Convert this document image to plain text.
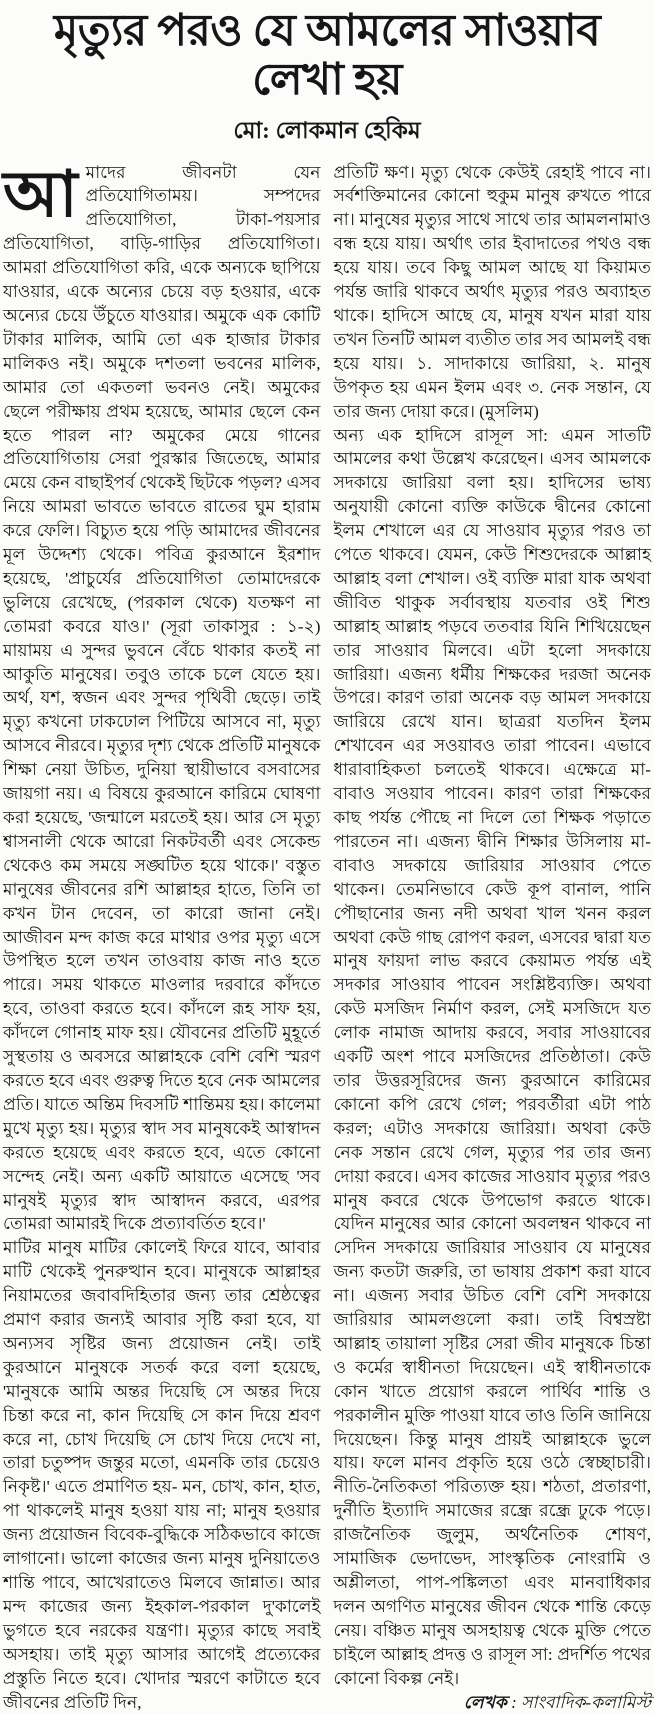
মৃত্যুর পরও যে আমলের সাওয়াব লেখা হয়
মো: লোকমান হেকিম

আমাদের জীবনটা যেন প্রতিযোগিতাময়। সম্পদের প্রতিযোগিতা, টাকা-পয়সার প্রতিযোগিতা, বাড়ি-গাড়ির প্রতিযোগিতা। আমরা প্রতিযোগিতা করি, একে অন্যকে ছাপিয়ে যাওয়ার, একে অন্যের চেয়ে বড় হওয়ার, একে অন্যের চেয়ে উঁচুতে যাওয়ার। অমুকে এক কোটি টাকার মালিক, আমি তো এক হাজার টাকার মালিকও নই। অমুকে দশতলা ভবনের মালিক, আমার তো একতলা ভবনও নেই। অমুকের ছেলে পরীক্ষায় প্রথম হয়েছে, আমার ছেলে কেন হতে পারল না? অমুকের মেয়ে গানের প্রতিযোগিতায় সেরা পুরস্কার জিতেছে, আমার মেয়ে কেন বাছাইপর্ব থেকেই ছিটকে পড়ল? এসব নিয়ে আমরা ভাবতে ভাবতে রাতের ঘুম হারাম করে ফেলি। বিচ্যুত হয়ে পড়ি আমাদের জীবনের মূল উদ্দেশ্য থেকে। পবিত্র কুরআনে ইরশাদ হয়েছে, 'প্রাচুর্যের প্রতিযোগিতা তোমাদেরকে ভুলিয়ে রেখেছে, (পরকাল থেকে) যতক্ষণ না তোমরা কবরে যাও।' (সূরা তাকাসুর : ১-২) মায়াময় এ সুন্দর ভুবনে বেঁচে থাকার কতই না আকুতি মানুষের। তবুও তাকে চলে যেতে হয়। অর্থ, যশ, স্বজন এবং সুন্দর পৃথিবী ছেড়ে। তাই মৃত্যু কখনো ঢাকঢোল পিটিয়ে আসবে না, মৃত্যু আসবে নীরবে। মৃত্যুর দৃশ্য থেকে প্রতিটি মানুষকে শিক্ষা নেয়া উচিত, দুনিয়া স্থায়ীভাবে বসবাসের জায়গা নয়। এ বিষয়ে কুরআনে কারিমে ঘোষণা করা হয়েছে, 'জন্মালে মরতেই হয়। আর সে মৃত্যু শ্বাসনালী থেকে আরো নিকটবর্তী এবং সেকেন্ড থেকেও কম সময়ে সঙ্ঘটিত হয়ে থাকে।' বস্তুত মানুষের জীবনের রশি আল্লাহর হাতে, তিনি তা কখন টান দেবেন, তা কারো জানা নেই। আজীবন মন্দ কাজ করে মাথার ওপর মৃত্যু এসে উপস্থিত হলে তখন তাওবায় কাজ নাও হতে পারে। সময় থাকতে মাওলার দরবারে কাঁদতে হবে, তাওবা করতে হবে। কাঁদলে রূহ সাফ হয়, কাঁদলে গোনাহ মাফ হয়। যৌবনের প্রতিটি মুহূর্তে সুস্থতায় ও অবসরে আল্লাহকে বেশি বেশি স্মরণ করতে হবে এবং গুরুত্ব দিতে হবে নেক আমলের প্রতি। যাতে অন্তিম দিবসটি শান্তিময় হয়। কালেমা মুখে মৃত্যু হয়। মৃত্যুর স্বাদ সব মানুষকেই আস্বাদন করতে হয়েছে এবং করতে হবে, এতে কোনো সন্দেহ নেই। অন্য একটি আয়াতে এসেছে 'সব মানুষই মৃত্যুর স্বাদ আস্বাদন করবে, এরপর তোমরা আমারই দিকে প্রত্যাবর্তিত হবে।'

মাটির মানুষ মাটির কোলেই ফিরে যাবে, আবার মাটি থেকেই পুনরুত্থান হবে। মানুষকে আল্লাহর নিয়ামতের জবাবদিহিতার জন্য তার শ্রেষ্ঠত্বের প্রমাণ করার জন্যই আবার সৃষ্টি করা হবে, যা অন্যসব সৃষ্টির জন্য প্রয়োজন নেই। তাই কুরআনে মানুষকে সতর্ক করে বলা হয়েছে, 'মানুষকে আমি অন্তর দিয়েছি সে অন্তর দিয়ে চিন্তা করে না, কান দিয়েছি সে কান দিয়ে শ্রবণ করে না, চোখ দিয়েছি সে চোখ দিয়ে দেখে না, তারা চতুষ্পদ জন্তুর মতো, এমনকি তার চেয়েও নিকৃষ্ট।' এতে প্রমাণিত হয়- মন, চোখ, কান, হাত, পা থাকলেই মানুষ হওয়া যায় না; মানুষ হওয়ার জন্য প্রয়োজন বিবেক-বুদ্ধিকে সঠিকভাবে কাজে লাগানো। ভালো কাজের জন্য মানুষ দুনিয়াতেও শান্তি পাবে, আখেরাতেও মিলবে জান্নাত। আর মন্দ কাজের জন্য ইহকাল-পরকাল দু'কালেই ভুগতে হবে নরকের যন্ত্রণা। মৃত্যুর কাছে সবাই অসহায়। তাই মৃত্যু আসার আগেই প্রত্যেকের প্রস্তুতি নিতে হবে। খোদার স্মরণে কাটাতে হবে জীবনের প্রতিটি দিন,

প্রতিটি ক্ষণ। মৃত্যু থেকে কেউই রেহাই পাবে না। সর্বশক্তিমানের কোনো হুকুম মানুষ রুখতে পারে না। মানুষের মৃত্যুর সাথে সাথে তার আমলনামাও বন্ধ হয়ে যায়। অর্থাৎ তার ইবাদাতের পথও বন্ধ হয়ে যায়। তবে কিছু আমল আছে যা কিয়ামত পর্যন্ত জারি থাকবে অর্থাৎ মৃত্যুর পরও অব্যাহত থাকে। হাদিসে আছে যে, মানুষ যখন মারা যায় তখন তিনটি আমল ব্যতীত তার সব আমলই বন্ধ হয়ে যায়। ১. সাদাকায়ে জারিয়া, ২. মানুষ উপকৃত হয় এমন ইলম এবং ৩. নেক সন্তান, যে তার জন্য দোয়া করে। (মুসলিম)

অন্য এক হাদিসে রাসূল সা: এমন সাতটি আমলের কথা উল্লেখ করেছেন। এসব আমলকে সদকায়ে জারিয়া বলা হয়। হাদিসের ভাষ্য অনুযায়ী কোনো ব্যক্তি কাউকে দ্বীনের কোনো ইলম শেখালে এর যে সাওয়াব মৃত্যুর পরও তা পেতে থাকবে। যেমন, কেউ শিশুদেরকে আল্লাহ আল্লাহ বলা শেখাল। ওই ব্যক্তি মারা যাক অথবা জীবিত থাকুক সর্বাবস্থায় যতবার ওই শিশু আল্লাহ আল্লাহ পড়বে ততবার যিনি শিখিয়েছেন তার সাওয়াব মিলবে। এটা হলো সদকায়ে জারিয়া। এজন্য ধর্মীয় শিক্ষকের দরজা অনেক উপরে। কারণ তারা অনেক বড় আমল সদকায়ে জারিয়ে রেখে যান। ছাত্ররা যতদিন ইলম শেখাবেন এর সওয়াবও তারা পাবেন। এভাবে ধারাবাহিকতা চলতেই থাকবে। এক্ষেত্রে মা-বাবাও সওয়াব পাবেন। কারণ তারা শিক্ষকের কাছ পর্যন্ত পৌছে না দিলে তো শিক্ষক পড়াতে পারতেন না। এজন্য দ্বীনি শিক্ষার উসিলায় মা-বাবাও সদকায়ে জারিয়ার সাওয়াব পেতে থাকেন। তেমনিভাবে কেউ কূপ বানাল, পানি পৌছানোর জন্য নদী অথবা খাল খনন করল অথবা কেউ গাছ রোপণ করল, এসবের দ্বারা যত মানুষ ফায়দা লাভ করবে কেয়ামত পর্যন্ত এই সদকার সাওয়াব পাবেন সংশ্লিষ্টব্যক্তি। অথবা কেউ মসজিদ নির্মাণ করল, সেই মসজিদে যত লোক নামাজ আদায় করবে, সবার সাওয়াবের একটি অংশ পাবে মসজিদের প্রতিষ্ঠাতা। কেউ তার উত্তরসূরিদের জন্য কুরআনে কারিমের কোনো কপি রেখে গেল; পরবর্তীরা এটা পাঠ করল; এটাও সদকায়ে জারিয়া। অথবা কেউ নেক সন্তান রেখে গেল, মৃত্যুর পর তার জন্য দোয়া করবে। এসব কাজের সাওয়াব মৃত্যুর পরও মানুষ কবরে থেকে উপভোগ করতে থাকে। যেদিন মানুষের আর কোনো অবলম্বন থাকবে না সেদিন সদকায়ে জারিয়ার সাওয়াব যে মানুষের জন্য কতটা জরুরি, তা ভাষায় প্রকাশ করা যাবে না। এজন্য সবার উচিত বেশি বেশি সদকায়ে জারিয়ার আমলগুলো করা। তাই বিশ্বস্রষ্টা আল্লাহ তায়ালা সৃষ্টির সেরা জীব মানুষকে চিন্তা ও কর্মের স্বাধীনতা দিয়েছেন। এই স্বাধীনতাকে কোন খাতে প্রয়োগ করলে পার্থিব শান্তি ও পরকালীন মুক্তি পাওয়া যাবে তাও তিনি জানিয়ে দিয়েছেন। কিন্তু মানুষ প্রায়ই আল্লাহকে ভুলে যায়। ফলে মানব প্রকৃতি হয়ে ওঠে স্বেচ্ছাচারী। নীতি-নৈতিকতা পরিত্যক্ত হয়। শঠতা, প্রতারণা, দুর্নীতি ইত্যাদি সমাজের রন্ধ্রে রন্ধ্রে ঢুকে পড়ে। রাজনৈতিক জুলুম, অর্থনৈতিক শোষণ, সামাজিক ভেদাভেদ, সাংস্কৃতিক নোংরামি ও অশ্লীলতা, পাপ-পঙ্কিলতা এবং মানবাধিকার দলন অগণিত মানুষের জীবন থেকে শান্তি কেড়ে নেয়। বঞ্চিত মানুষ অসহায়ত্ব থেকে মুক্তি পেতে চাইলে আল্লাহ প্রদত্ত ও রাসূল সা: প্রদর্শিত পথের কোনো বিকল্প নেই।

লেখক : সাংবাদিক-কলামিস্ট
